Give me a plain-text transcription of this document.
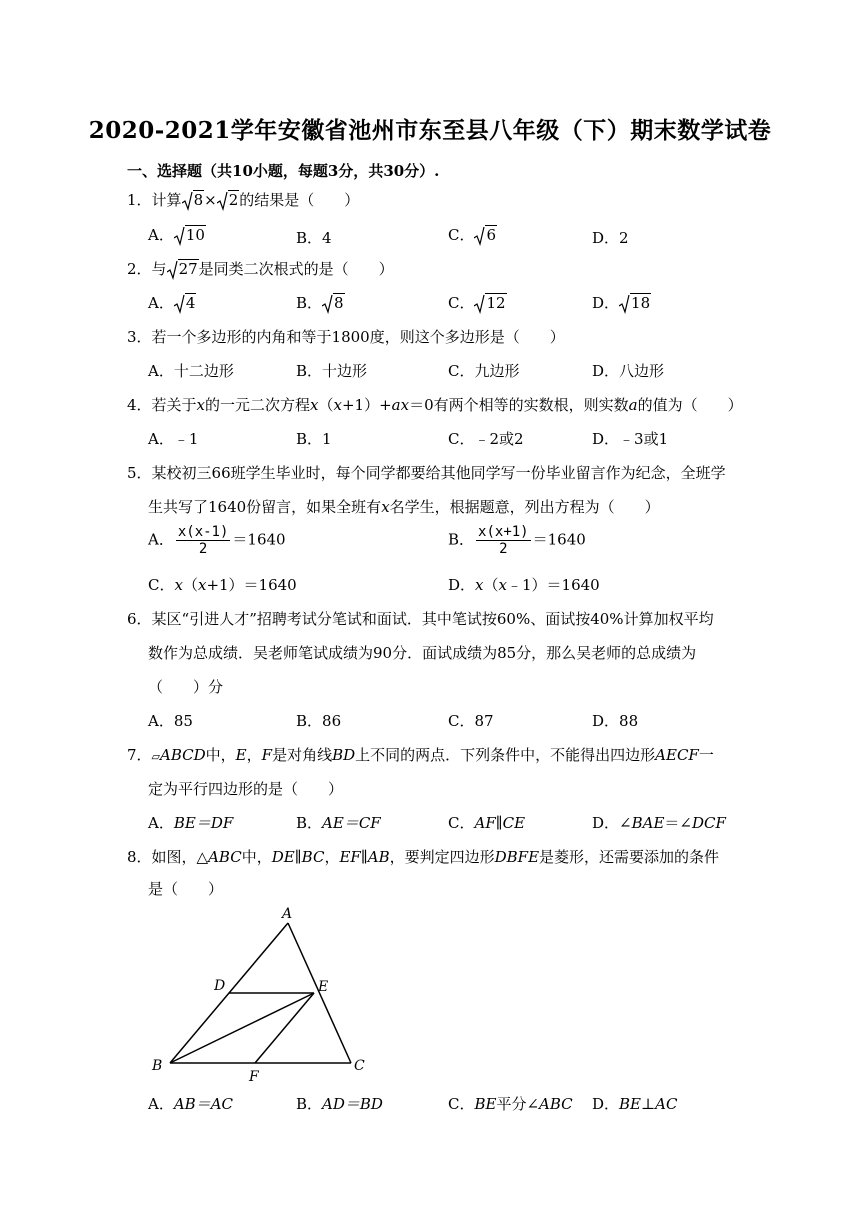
2020-2021学年安徽省池州市东至县八年级（下）期末数学试卷
一、选择题（共10小题，每题3分，共30分）.
1．计算 8× 2的结果是（　　）
A． 10	B．4	C． 6	D．2
2．与 27是同类二次根式的是（　　）
A． 4	B． 8	C． 12	D． 18
3．若一个多边形的内角和等于1800度，则这个多边形是（　　）
A．十二边形	B．十边形	C．九边形	D．八边形
4．若关于x的一元二次方程x（x+1）+ax＝0有两个相等的实数根，则实数a的值为（　　）
A．﹣1	B．1	C．﹣2或2	D．﹣3或1
5．某校初三66班学生毕业时，每个同学都要给其他同学写一份毕业留言作为纪念，全班学
生共写了1640份留言，如果全班有x名学生，根据题意，列出方程为（　　）
A． $\frac{x(x-1)}{2} =1640$	B． $\frac{x(x+1)}{2} =1640$
C．x（x+1）＝1640	D．x（x﹣1）＝1640
6．某区“引进人才”招聘考试分笔试和面试．其中笔试按60%、面试按40%计算加权平均
数作为总成绩．吴老师笔试成绩为90分．面试成绩为85分，那么吴老师的总成绩为
（　　）分
A．85	B．86	C．87	D．88
7．▱ABCD中，E，F是对角线BD上不同的两点．下列条件中，不能得出四边形AECF一
定为平行四边形的是（　　）
A．BE＝DF	B．AE＝CF	C．AF∥CE	D．∠BAE＝∠DCF
8．如图，△ABC中，DE∥BC，EF∥AB，要判定四边形DBFE是菱形，还需要添加的条件
是（　　）
A
D	E
B
F
C
A．AB＝AC	B．AD＝BD	C．BE平分∠ABC D．BE⊥AC
